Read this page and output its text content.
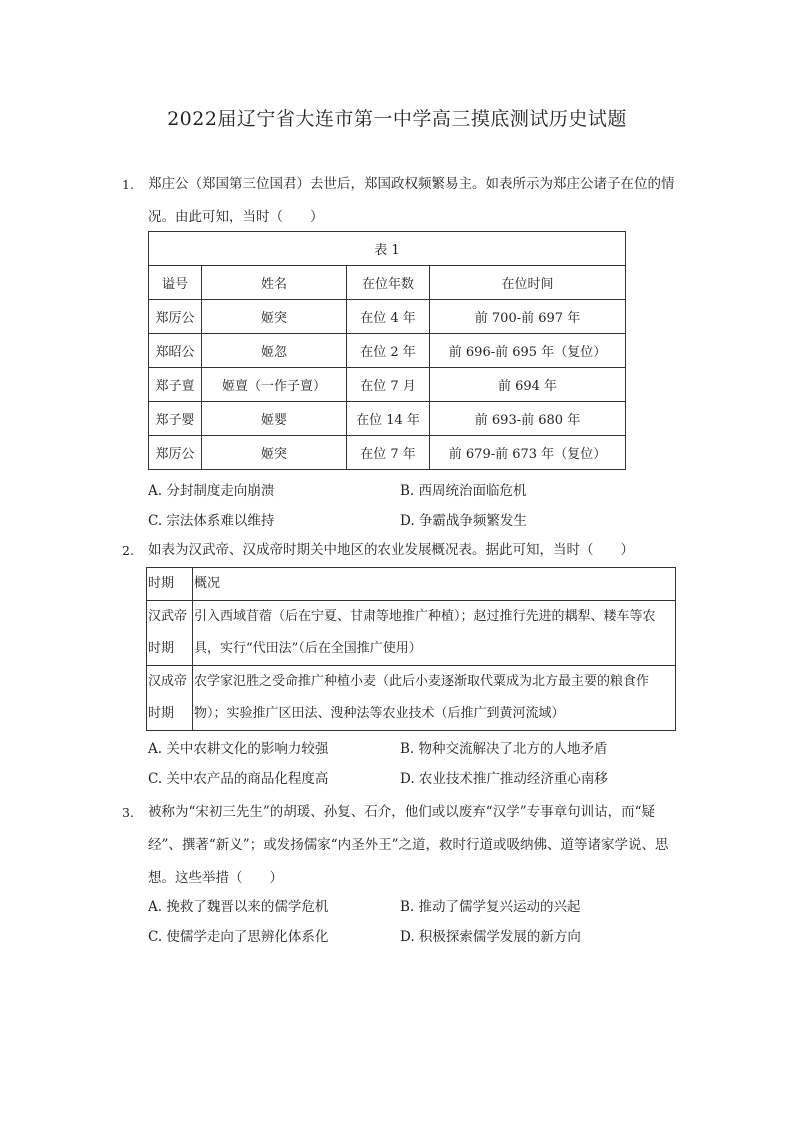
2022届辽宁省大连市第一中学高三摸底测试历史试题
1.	郑庄公（郑国第三位国君）去世后，郑国政权频繁易主。如表所示为郑庄公诸子在位的情况。由此可知，当时（　　）
表 1			
谥号	姓名	在位年数	在位时间
郑厉公	姬突	在位 4 年	前 700-前 697 年
郑昭公	姬忽	在位 2 年	前 696-前 695 年（复位）
郑子亶	姬亶（一作子亶）	在位 7 月	前 694 年
郑子婴	姬婴	在位 14 年	前 693-前 680 年
郑厉公	姬突	在位 7 年	前 679-前 673 年（复位）
A. 分封制度走向崩溃	B. 西周统治面临危机
C. 宗法体系难以维持	D. 争霸战争频繁发生
2.	如表为汉武帝、汉成帝时期关中地区的农业发展概况表。据此可知，当时（　　）
时期	概况
汉武帝时期	引入西域苜蓿（后在宁夏、甘肃等地推广种植）；赵过推行先进的耦犁、耧车等农具，实行“代田法”（后在全国推广使用）
汉成帝时期	农学家氾胜之受命推广种植小麦（此后小麦逐渐取代粟成为北方最主要的粮食作物）；实验推广区田法、溲种法等农业技术（后推广到黄河流域）
A. 关中农耕文化的影响力较强	B. 物种交流解决了北方的人地矛盾
C. 关中农产品的商品化程度高	D. 农业技术推广推动经济重心南移
3.	被称为“宋初三先生”的胡瑗、孙复、石介，他们或以废弃“汉学”专事章句训诂，而“疑经”、撰著“新义”；或发扬儒家“内圣外王”之道，救时行道或吸纳佛、道等诸家学说、思想。这些举措（　　）
A. 挽救了魏晋以来的儒学危机	B. 推动了儒学复兴运动的兴起
C. 使儒学走向了思辨化体系化	D. 积极探索儒学发展的新方向
